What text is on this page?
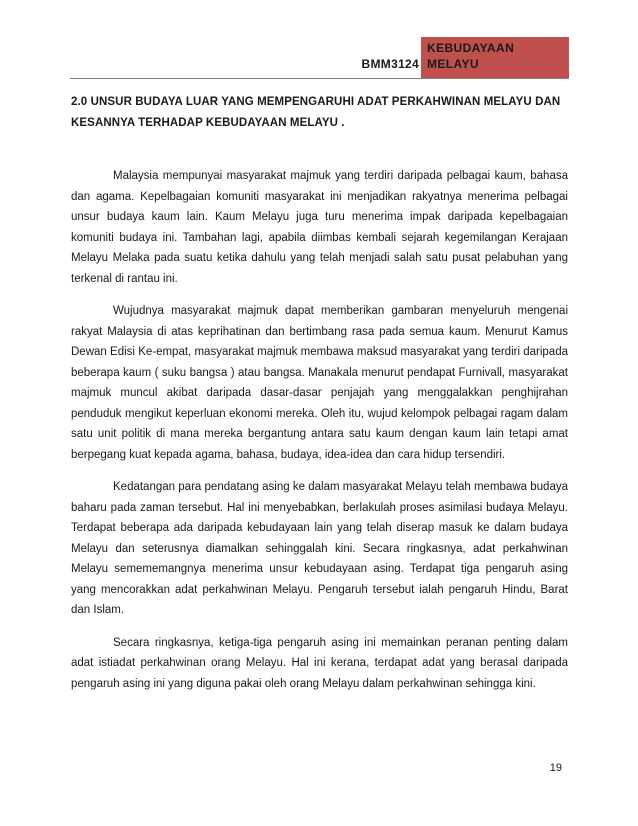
BMM3124
KEBUDAYAAN
MELAYU
2.0 UNSUR BUDAYA LUAR YANG MEMPENGARUHI ADAT PERKAHWINAN MELAYU DAN KESANNYA TERHADAP KEBUDAYAAN MELAYU .

Malaysia mempunyai masyarakat majmuk yang terdiri daripada pelbagai kaum, bahasa dan agama. Kepelbagaian komuniti masyarakat ini menjadikan rakyatnya menerima pelbagai unsur budaya kaum lain. Kaum Melayu juga turu menerima impak daripada kepelbagaian komuniti budaya ini. Tambahan lagi, apabila diimbas kembali sejarah kegemilangan Kerajaan Melayu Melaka pada suatu ketika dahulu yang telah menjadi salah satu pusat pelabuhan yang terkenal di rantau ini.

Wujudnya masyarakat majmuk dapat memberikan gambaran menyeluruh mengenai rakyat Malaysia di atas keprihatinan dan bertimbang rasa pada semua kaum. Menurut Kamus Dewan Edisi Ke-empat, masyarakat majmuk membawa maksud masyarakat yang terdiri daripada beberapa kaum ( suku bangsa ) atau bangsa. Manakala menurut pendapat Furnivall, masyarakat majmuk muncul akibat daripada dasar-dasar penjajah yang menggalakkan penghijrahan penduduk mengikut keperluan ekonomi mereka. Oleh itu, wujud kelompok pelbagai ragam dalam satu unit politik di mana mereka bergantung antara satu kaum dengan kaum lain tetapi amat berpegang kuat kepada agama, bahasa, budaya, idea-idea dan cara hidup tersendiri.

Kedatangan para pendatang asing ke dalam masyarakat Melayu telah membawa budaya baharu pada zaman tersebut. Hal ini menyebabkan, berlakulah proses asimilasi budaya Melayu. Terdapat beberapa ada daripada kebudayaan lain yang telah diserap masuk ke dalam budaya Melayu dan seterusnya diamalkan sehinggalah kini. Secara ringkasnya, adat perkahwinan Melayu semememangnya menerima unsur kebudayaan asing. Terdapat tiga pengaruh asing yang mencorakkan adat perkahwinan Melayu. Pengaruh tersebut ialah pengaruh Hindu, Barat dan Islam.

Secara ringkasnya, ketiga-tiga pengaruh asing ini memainkan peranan penting dalam adat istiadat perkahwinan orang Melayu. Hal ini kerana, terdapat adat yang berasal daripada pengaruh asing ini yang diguna pakai oleh orang Melayu dalam perkahwinan sehingga kini.

19
